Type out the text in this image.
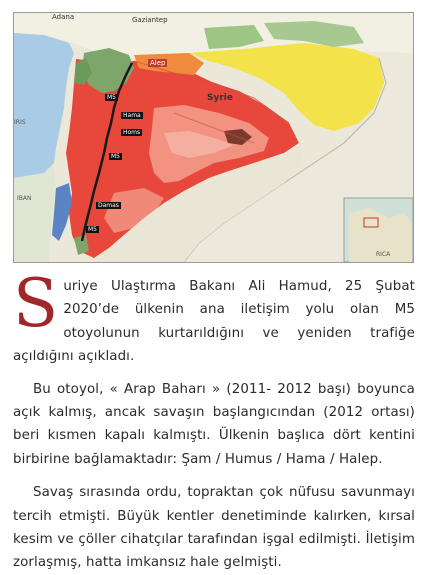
Adana	Gaziantep
Alep
Syrie
M5
Hama
Homs
M5
Damas
M5
IRIS
IBAN
RICA

Suriye Ulaştırma Bakanı Ali Hamud, 25 Şubat 2020’de ülkenin ana iletişim yolu olan M5 otoyolunun kurtarıldığını ve yeniden trafiğe açıldığını açıkladı.

Bu otoyol, « Arap Baharı » (2011- 2012 başı) boyunca açık kalmış, ancak savaşın başlangıcından (2012 ortası) beri kısmen kapalı kalmıştı. Ülkenin başlıca dört kentini birbirine bağlamaktadır: Şam / Humus / Hama / Halep.

Savaş sırasında ordu, topraktan çok nüfusu savunmayı tercih etmişti. Büyük kentler denetiminde kalırken, kırsal kesim ve çöller cihatçılar tarafından işgal edilmişti. İletişim zorlaşmış, hatta imkansız hale gelmişti.
